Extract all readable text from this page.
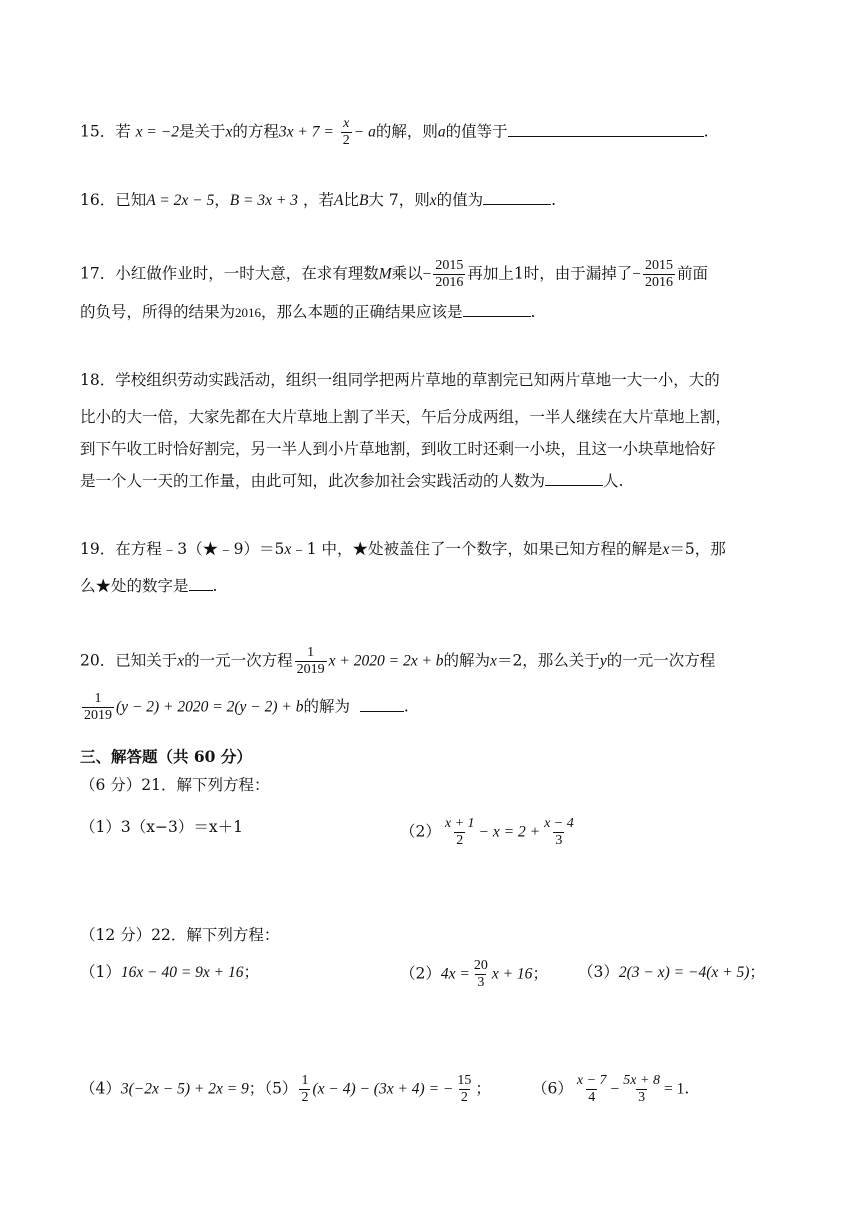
15．若 x = −2是关于x的方程$3x + 7 = \frac{x}{2} - a$的解，则a的值等于	.
16．已知A = 2x − 5，B = 3x + 3 ，若A比B大 7，则x的值为	.
17．小红做作业时，一时大意，在求有理数M乘以− $\frac{2015}{2016}$ 再加上1时，由于漏掉了− $\frac{2015}{2016}$ 前面
的负号，所得的结果为2016，那么本题的正确结果应该是	.
18．学校组织劳动实践活动，组织一组同学把两片草地的草割完已知两片草地一大一小，大的
比小的大一倍，大家先都在大片草地上割了半天，午后分成两组，一半人继续在大片草地上割，
到下午收工时恰好割完，另一半人到小片草地割，到收工时还剩一小块，且这一小块草地恰好
是一个人一天的工作量，由此可知，此次参加社会实践活动的人数为	人.
19．在方程﹣3（★﹣9）＝5x﹣1 中，★处被盖住了一个数字，如果已知方程的解是x＝5，那
么★处的数字是 .
20．已知关于x的一元一次方程 $\frac{1}{2019}$ x + 2020 = 2x + b的解为x＝2，那么关于y的一元一次方程
$\frac{1}{2019} (y - 2) + 2020 = 2(y - 2) + b$的解为	.
三、解答题（共 60 分）
（6 分）21．解下列方程：
（1）3（x−3）＝x＋1	$(2) \frac{x + 1}{2} - x = 2 + \frac{x - 4}{3}$
（12 分）22．解下列方程：
（1）16x − 40 = 9x + 16；	$(2)4x = \frac{20}{3}$ x + 16； （3）2(3 − x) = −4(x + 5)；
（4）3(−2x − 5) + 2x = 9；$(5) \frac{1}{2} (x - 4) - (3x + 4)$ = − $\frac{15}{2}$ ；	$(6) \frac{x - 7}{4} - \frac{5x + 8}{3} = 1$.
